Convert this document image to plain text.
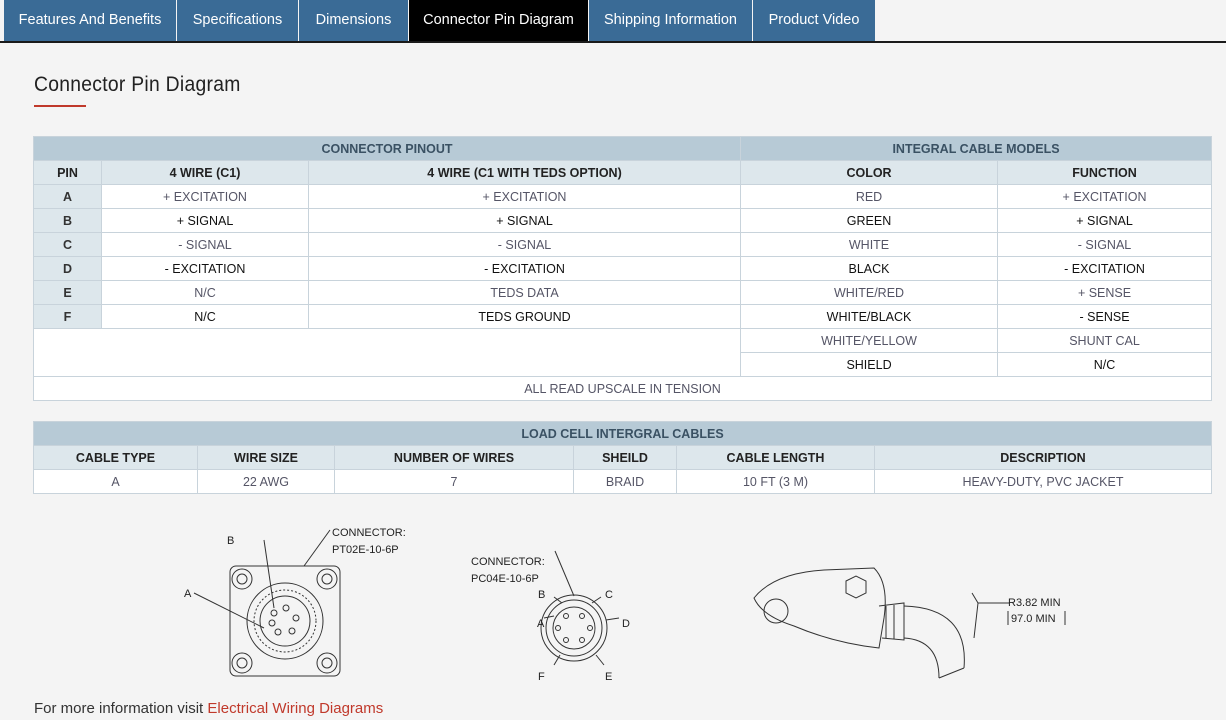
Features And Benefits	Specifications	Dimensions	Connector Pin Diagram	Shipping Information	Product Video
Connector Pin Diagram
CONNECTOR PINOUT			INTEGRAL CABLE MODELS	
PIN	4 WIRE (C1)	4 WIRE (C1 WITH TEDS OPTION)	COLOR	FUNCTION
A	+ EXCITATION	+ EXCITATION	RED	+ EXCITATION
B	+ SIGNAL	+ SIGNAL	GREEN	+ SIGNAL
C	- SIGNAL	- SIGNAL	WHITE	- SIGNAL
D	- EXCITATION	- EXCITATION	BLACK	- EXCITATION
E	N/C	TEDS DATA	WHITE/RED	+ SENSE
F	N/C	TEDS GROUND	WHITE/BLACK	- SENSE
			WHITE/YELLOW	SHUNT CAL
			SHIELD	N/C
ALL READ UPSCALE IN TENSION				
LOAD CELL INTERGRAL CABLES					
CABLE TYPE	WIRE SIZE	NUMBER OF WIRES	SHEILD	CABLE LENGTH	DESCRIPTION
A	22 AWG	7	BRAID	10 FT (3 M)	HEAVY-DUTY, PVC JACKET
B
A
CONNECTOR:
PT02E-10-6P
CONNECTOR:
PC04E-10-6P
A
B	C
D
E
F
R3.82 MIN
97.0 MIN
For more information visit Electrical Wiring Diagrams
